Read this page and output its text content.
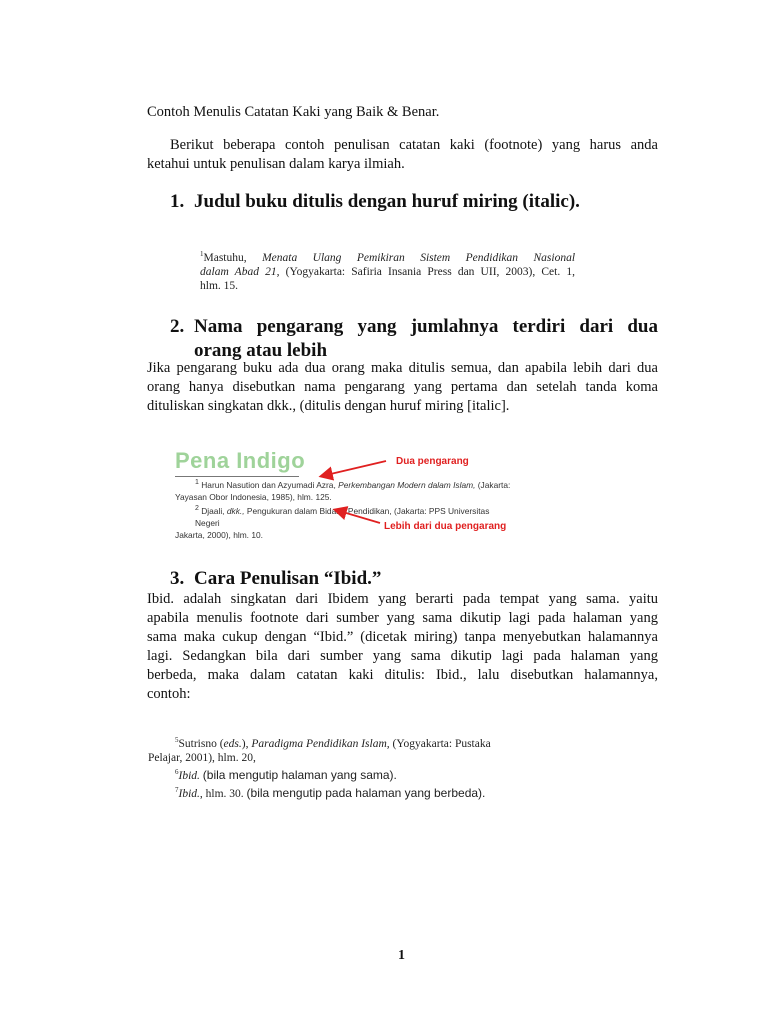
Contoh Menulis Catatan Kaki yang Baik & Benar.
Berikut beberapa contoh penulisan catatan kaki (footnote) yang harus anda
ketahui untuk penulisan dalam karya ilmiah.
1. Judul buku ditulis dengan huruf miring (italic).
$^1$Mastuhu, Menata Ulang Pemikiran Sistem Pendidikan Nasional
dalam Abad 21, (Yogyakarta: Safiria Insania Press dan UII, 2003), Cet. 1,
hlm. 15.
2. Nama pengarang yang jumlahnya terdiri dari dua
orang atau lebih
Jika pengarang buku ada dua orang maka ditulis semua, dan apabila lebih dari dua
orang hanya disebutkan nama pengarang yang pertama dan setelah tanda koma
dituliskan singkatan dkk., (ditulis dengan huruf miring [italic].
Pena Indigo
$^1$ Harun Nasution dan Azyumadi Azra, Perkembangan Modern dalam Islam, (Jakarta:
Yayasan Obor Indonesia, 1985), hlm. 125.
$^2$ Djaali, dkk., Pengukuran dalam Bidang Pendidikan, (Jakarta: PPS Universitas Negeri
Jakarta, 2000), hlm. 10.
Dua pengarang
Lebih dari dua pengarang
3. Cara Penulisan “Ibid.”
Ibid. adalah singkatan dari Ibidem yang berarti pada tempat yang sama. yaitu
apabila menulis footnote dari sumber yang sama dikutip lagi pada halaman yang
sama maka cukup dengan “Ibid.” (dicetak miring) tanpa menyebutkan halamannya
lagi. Sedangkan bila dari sumber yang sama dikutip lagi pada halaman yang
berbeda, maka dalam catatan kaki ditulis: Ibid., lalu disebutkan halamannya,
contoh:
$^5$Sutrisno (eds.), Paradigma Pendidikan Islam, (Yogyakarta: Pustaka
Pelajar, 2001), hlm. 20,
$^6$Ibid. (bila mengutip halaman yang sama).
$^7$Ibid., hlm. 30. (bila mengutip pada halaman yang berbeda).
1
